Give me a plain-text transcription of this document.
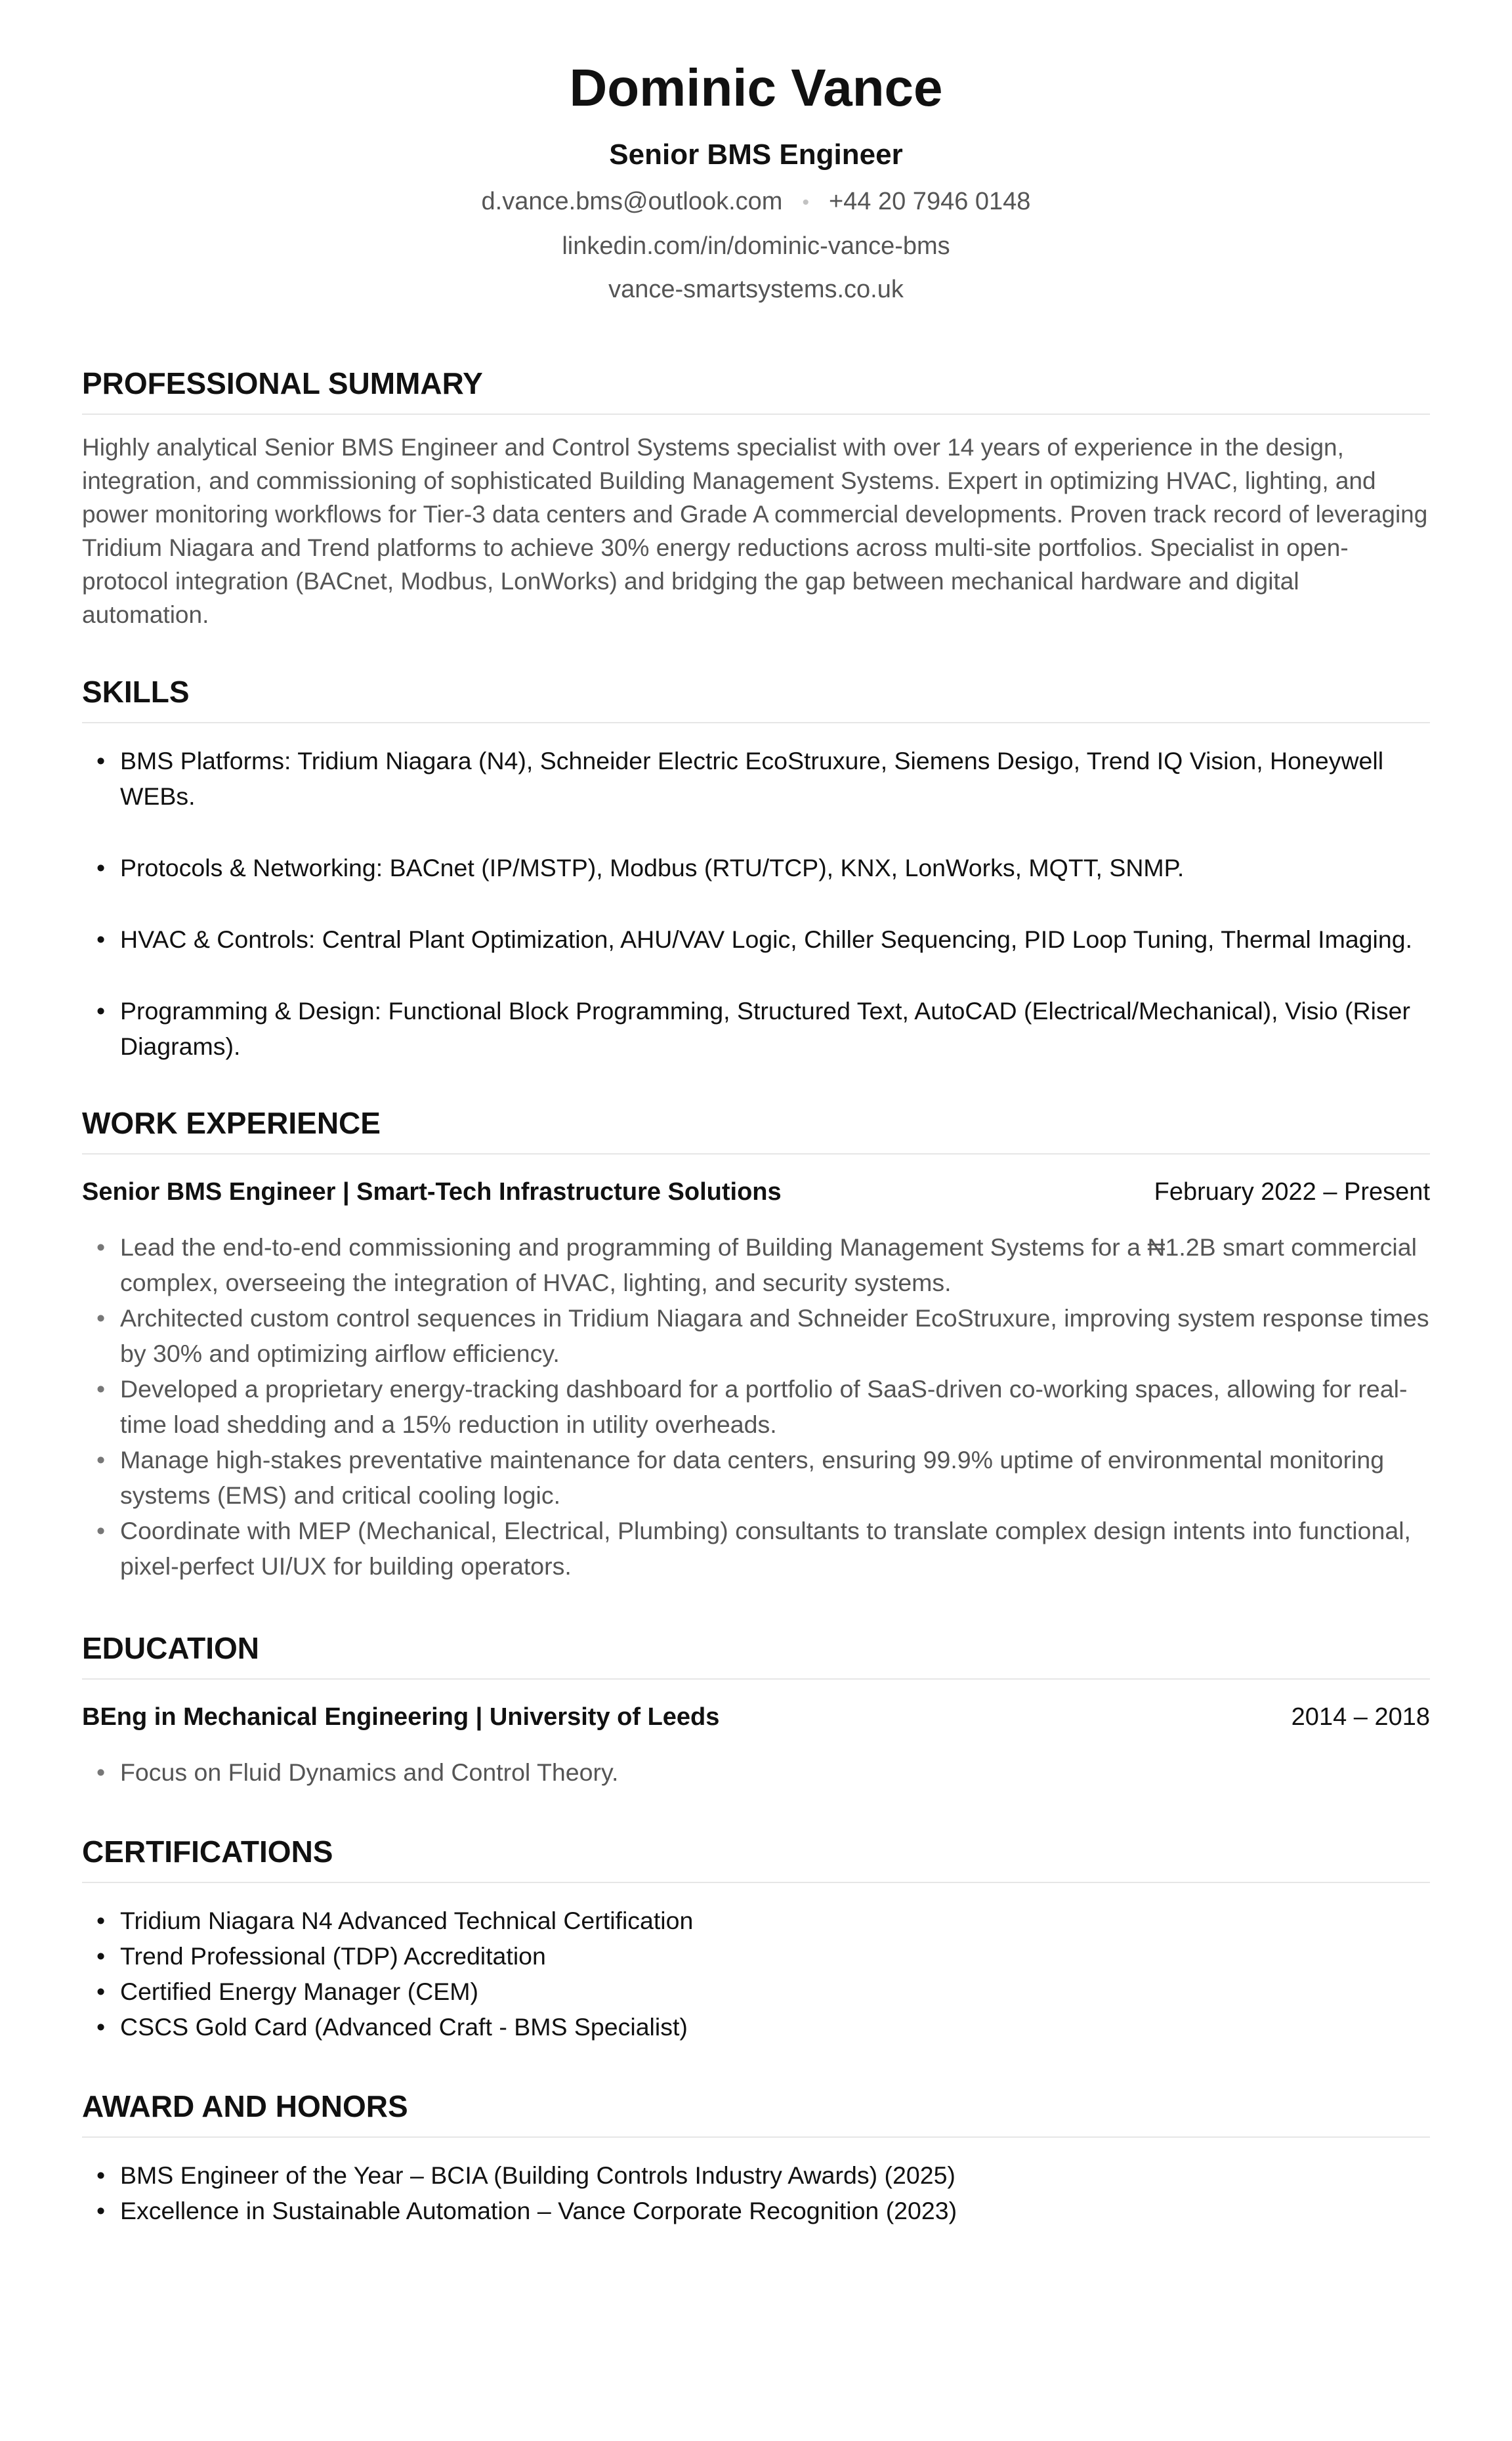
Dominic Vance
Senior BMS Engineer
d.vance.bms@outlook.com • +44 20 7946 0148
linkedin.com/in/dominic-vance-bms
vance-smartsystems.co.uk
PROFESSIONAL SUMMARY
Highly analytical Senior BMS Engineer and Control Systems specialist with over 14 years of experience in the design, integration, and commissioning of sophisticated Building Management Systems. Expert in optimizing HVAC, lighting, and power monitoring workflows for Tier-3 data centers and Grade A commercial developments. Proven track record of leveraging Tridium Niagara and Trend platforms to achieve 30% energy reductions across multi-site portfolios. Specialist in open-protocol integration (BACnet, Modbus, LonWorks) and bridging the gap between mechanical hardware and digital automation.
SKILLS
• BMS Platforms: Tridium Niagara (N4), Schneider Electric EcoStruxure, Siemens Desigo, Trend IQ Vision, Honeywell WEBs.
• Protocols & Networking: BACnet (IP/MSTP), Modbus (RTU/TCP), KNX, LonWorks, MQTT, SNMP.
• HVAC & Controls: Central Plant Optimization, AHU/VAV Logic, Chiller Sequencing, PID Loop Tuning, Thermal Imaging.
• Programming & Design: Functional Block Programming, Structured Text, AutoCAD (Electrical/Mechanical), Visio (Riser Diagrams).
WORK EXPERIENCE
Senior BMS Engineer | Smart-Tech Infrastructure Solutions	February 2022 – Present
• Lead the end-to-end commissioning and programming of Building Management Systems for a ₦1.2B smart commercial complex, overseeing the integration of HVAC, lighting, and security systems.
• Architected custom control sequences in Tridium Niagara and Schneider EcoStruxure, improving system response times by 30% and optimizing airflow efficiency.
• Developed a proprietary energy-tracking dashboard for a portfolio of SaaS-driven co-working spaces, allowing for real-time load shedding and a 15% reduction in utility overheads.
• Manage high-stakes preventative maintenance for data centers, ensuring 99.9% uptime of environmental monitoring systems (EMS) and critical cooling logic.
• Coordinate with MEP (Mechanical, Electrical, Plumbing) consultants to translate complex design intents into functional, pixel-perfect UI/UX for building operators.
EDUCATION
BEng in Mechanical Engineering | University of Leeds	2014 – 2018
• Focus on Fluid Dynamics and Control Theory.
CERTIFICATIONS
• Tridium Niagara N4 Advanced Technical Certification
• Trend Professional (TDP) Accreditation
• Certified Energy Manager (CEM)
• CSCS Gold Card (Advanced Craft - BMS Specialist)
AWARD AND HONORS
• BMS Engineer of the Year – BCIA (Building Controls Industry Awards) (2025)
• Excellence in Sustainable Automation – Vance Corporate Recognition (2023)
